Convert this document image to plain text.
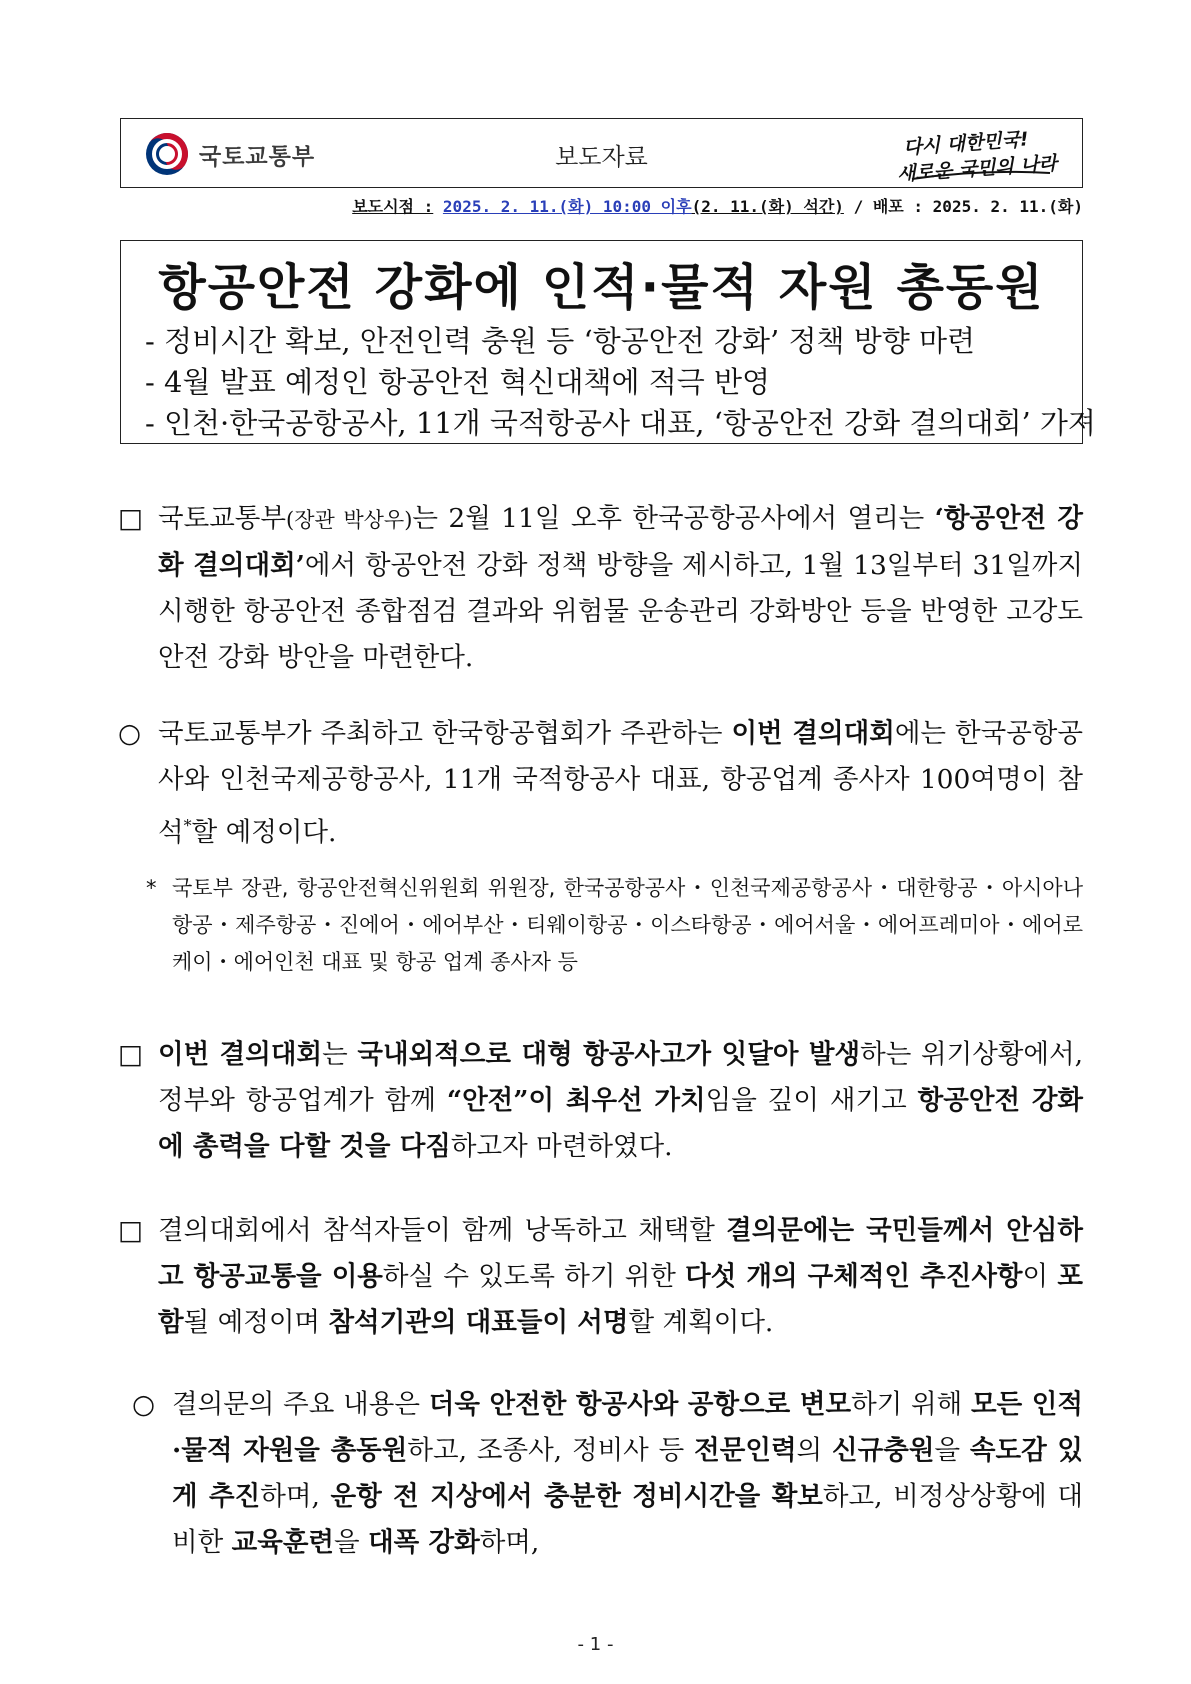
국토교통부	보도자료	다시 대한민국!
새로운 국민의 나라
보도시점 : 2025. 2. 11.(화) 10:00 이후(2. 11.(화) 석간) / 배포 : 2025. 2. 11.(화)
항공안전 강화에 인적·물적 자원 총동원
- 정비시간 확보, 안전인력 충원 등 ‘항공안전 강화’ 정책 방향 마련
- 4월 발표 예정인 항공안전 혁신대책에 적극 반영
- 인천·한국공항공사, 11개 국적항공사 대표, ‘항공안전 강화 결의대회’ 가져
□ 국토교통부(장관 박상우)는 2월 11일 오후 한국공항공사에서 열리는 ‘항공안전 강화 결의대회’에서 항공안전 강화 정책 방향을 제시하고, 1월 13일부터 31일까지 시행한 항공안전 종합점검 결과와 위험물 운송관리 강화방안 등을 반영한 고강도 안전 강화 방안을 마련한다.
○ 국토교통부가 주최하고 한국항공협회가 주관하는 이번 결의대회에는 한국공항공사와 인천국제공항공사, 11개 국적항공사 대표, 항공업계 종사자 100여명이 참석*할 예정이다.
* 국토부 장관, 항공안전혁신위원회 위원장, 한국공항공사・인천국제공항공사・대한항공・아시아나항공・제주항공・진에어・에어부산・티웨이항공・이스타항공・에어서울・에어프레미아・에어로케이・에어인천 대표 및 항공 업계 종사자 등
□ 이번 결의대회는 국내외적으로 대형 항공사고가 잇달아 발생하는 위기상황에서, 정부와 항공업계가 함께 “안전”이 최우선 가치임을 깊이 새기고 항공안전 강화에 총력을 다할 것을 다짐하고자 마련하였다.
□ 결의대회에서 참석자들이 함께 낭독하고 채택할 결의문에는 국민들께서 안심하고 항공교통을 이용하실 수 있도록 하기 위한 다섯 개의 구체적인 추진사항이 포함될 예정이며 참석기관의 대표들이 서명할 계획이다.
○ 결의문의 주요 내용은 더욱 안전한 항공사와 공항으로 변모하기 위해 모든 인적·물적 자원을 총동원하고, 조종사, 정비사 등 전문인력의 신규충원을 속도감 있게 추진하며, 운항 전 지상에서 충분한 정비시간을 확보하고, 비정상상황에 대비한 교육훈련을 대폭 강화하며,
- 1 -
